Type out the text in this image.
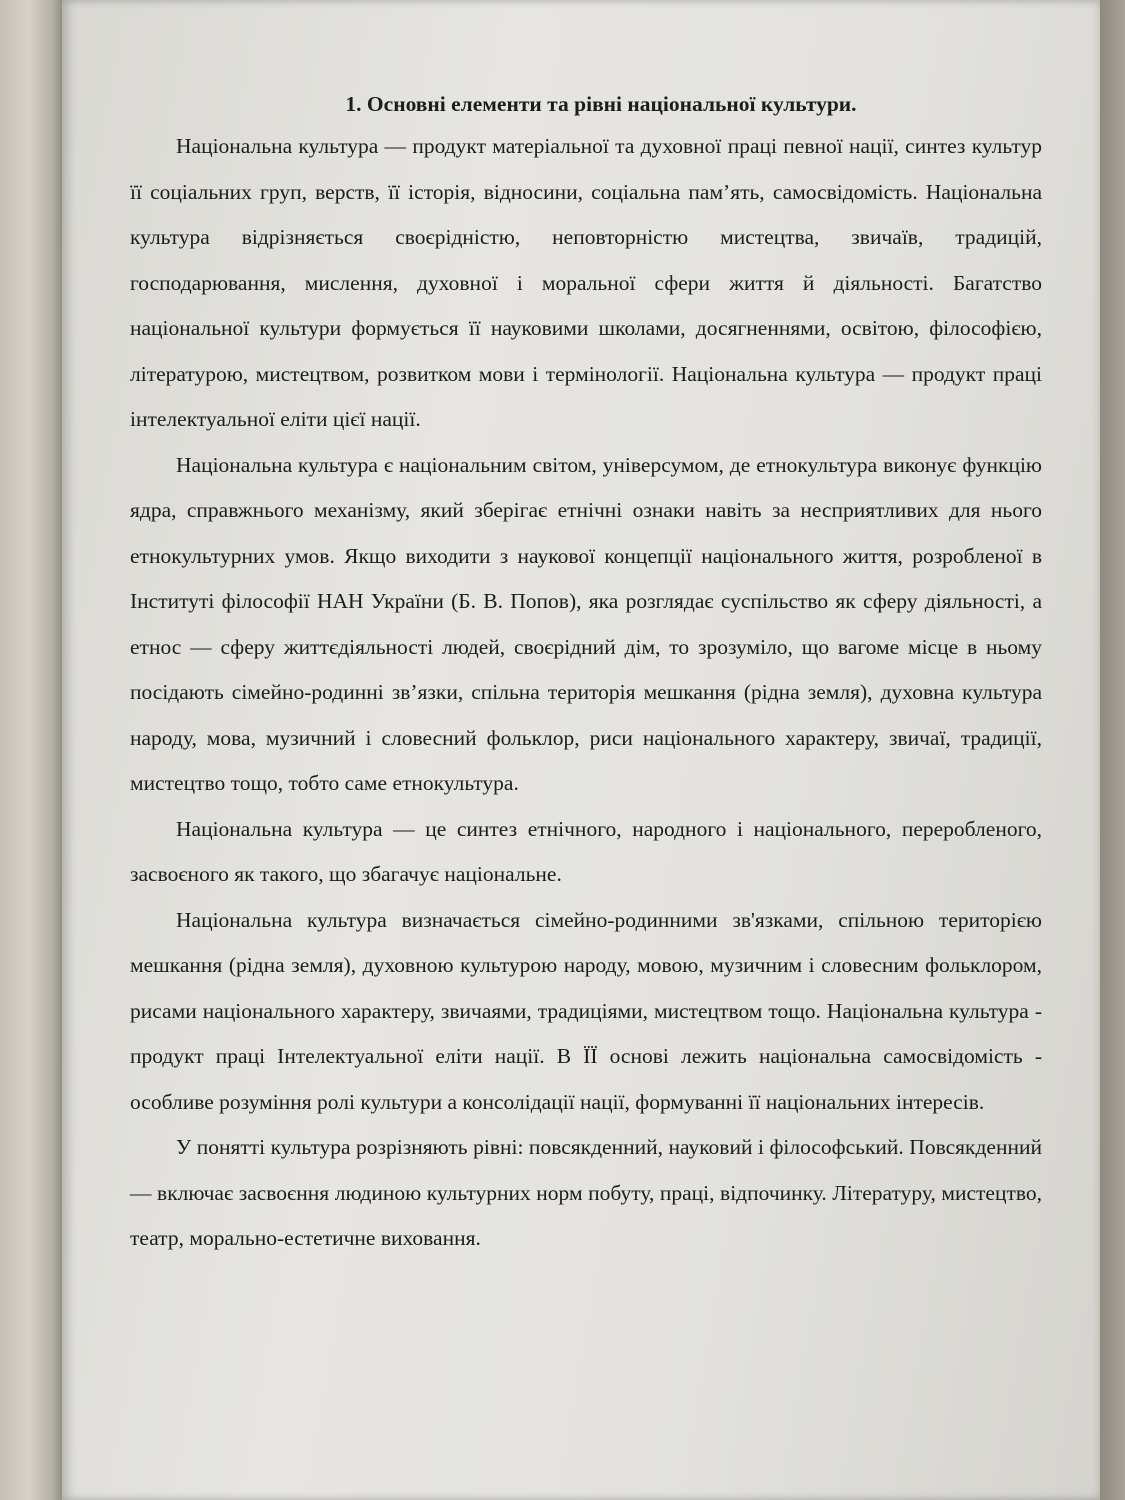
1. Основні елементи та рівні національної культури.

Національна культура — продукт матеріальної та духовної праці певної нації, синтез культур її соціальних груп, верств, її історія, відносини, соціальна пам’ять, самосвідомість. Національна культура відрізняється своєрідністю, неповторністю мистецтва, звичаїв, традицій, господарювання, мислення, духовної і моральної сфери життя й діяльності. Багатство національної культури формується її науковими школами, досягненнями, освітою, філософією, літературою, мистецтвом, розвитком мови і термінології. Національна культура — продукт праці інтелектуальної еліти цієї нації.

Національна культура є національним світом, універсумом, де етнокультура виконує функцію ядра, справжнього механізму, який зберігає етнічні ознаки навіть за несприятливих для нього етнокультурних умов. Якщо виходити з наукової концепції національного життя, розробленої в Інституті філософії НАН України (Б. В. Попов), яка розглядає суспільство як сферу діяльності, а етнос — сферу життєдіяльності людей, своєрідний дім, то зрозуміло, що вагоме місце в ньому посідають сімейно-родинні зв’язки, спільна територія мешкання (рідна земля), духовна культура народу, мова, музичний і словесний фольклор, риси національного характеру, звичаї, традиції, мистецтво тощо, тобто саме етнокультура.

Національна культура — це синтез етнічного, народного і національного, переробленого, засвоєного як такого, що збагачує національне.

Національна культура визначається сімейно-родинними зв'язками, спільною територією мешкання (рідна земля), духовною культурою народу, мовою, музичним і словесним фольклором, рисами національного характеру, звичаями, традиціями, мистецтвом тощо. Національна культура - продукт праці Інтелектуальної еліти нації. В ЇЇ основі лежить національна самосвідомість - особливе розуміння ролі культури а консолідації нації, формуванні її національних інтересів.

У понятті культура розрізняють рівні: повсякденний, науковий і філософський. Повсякденний — включає засвоєння людиною культурних норм побуту, праці, відпочинку. Літературу, мистецтво, театр, морально-естетичне виховання.
